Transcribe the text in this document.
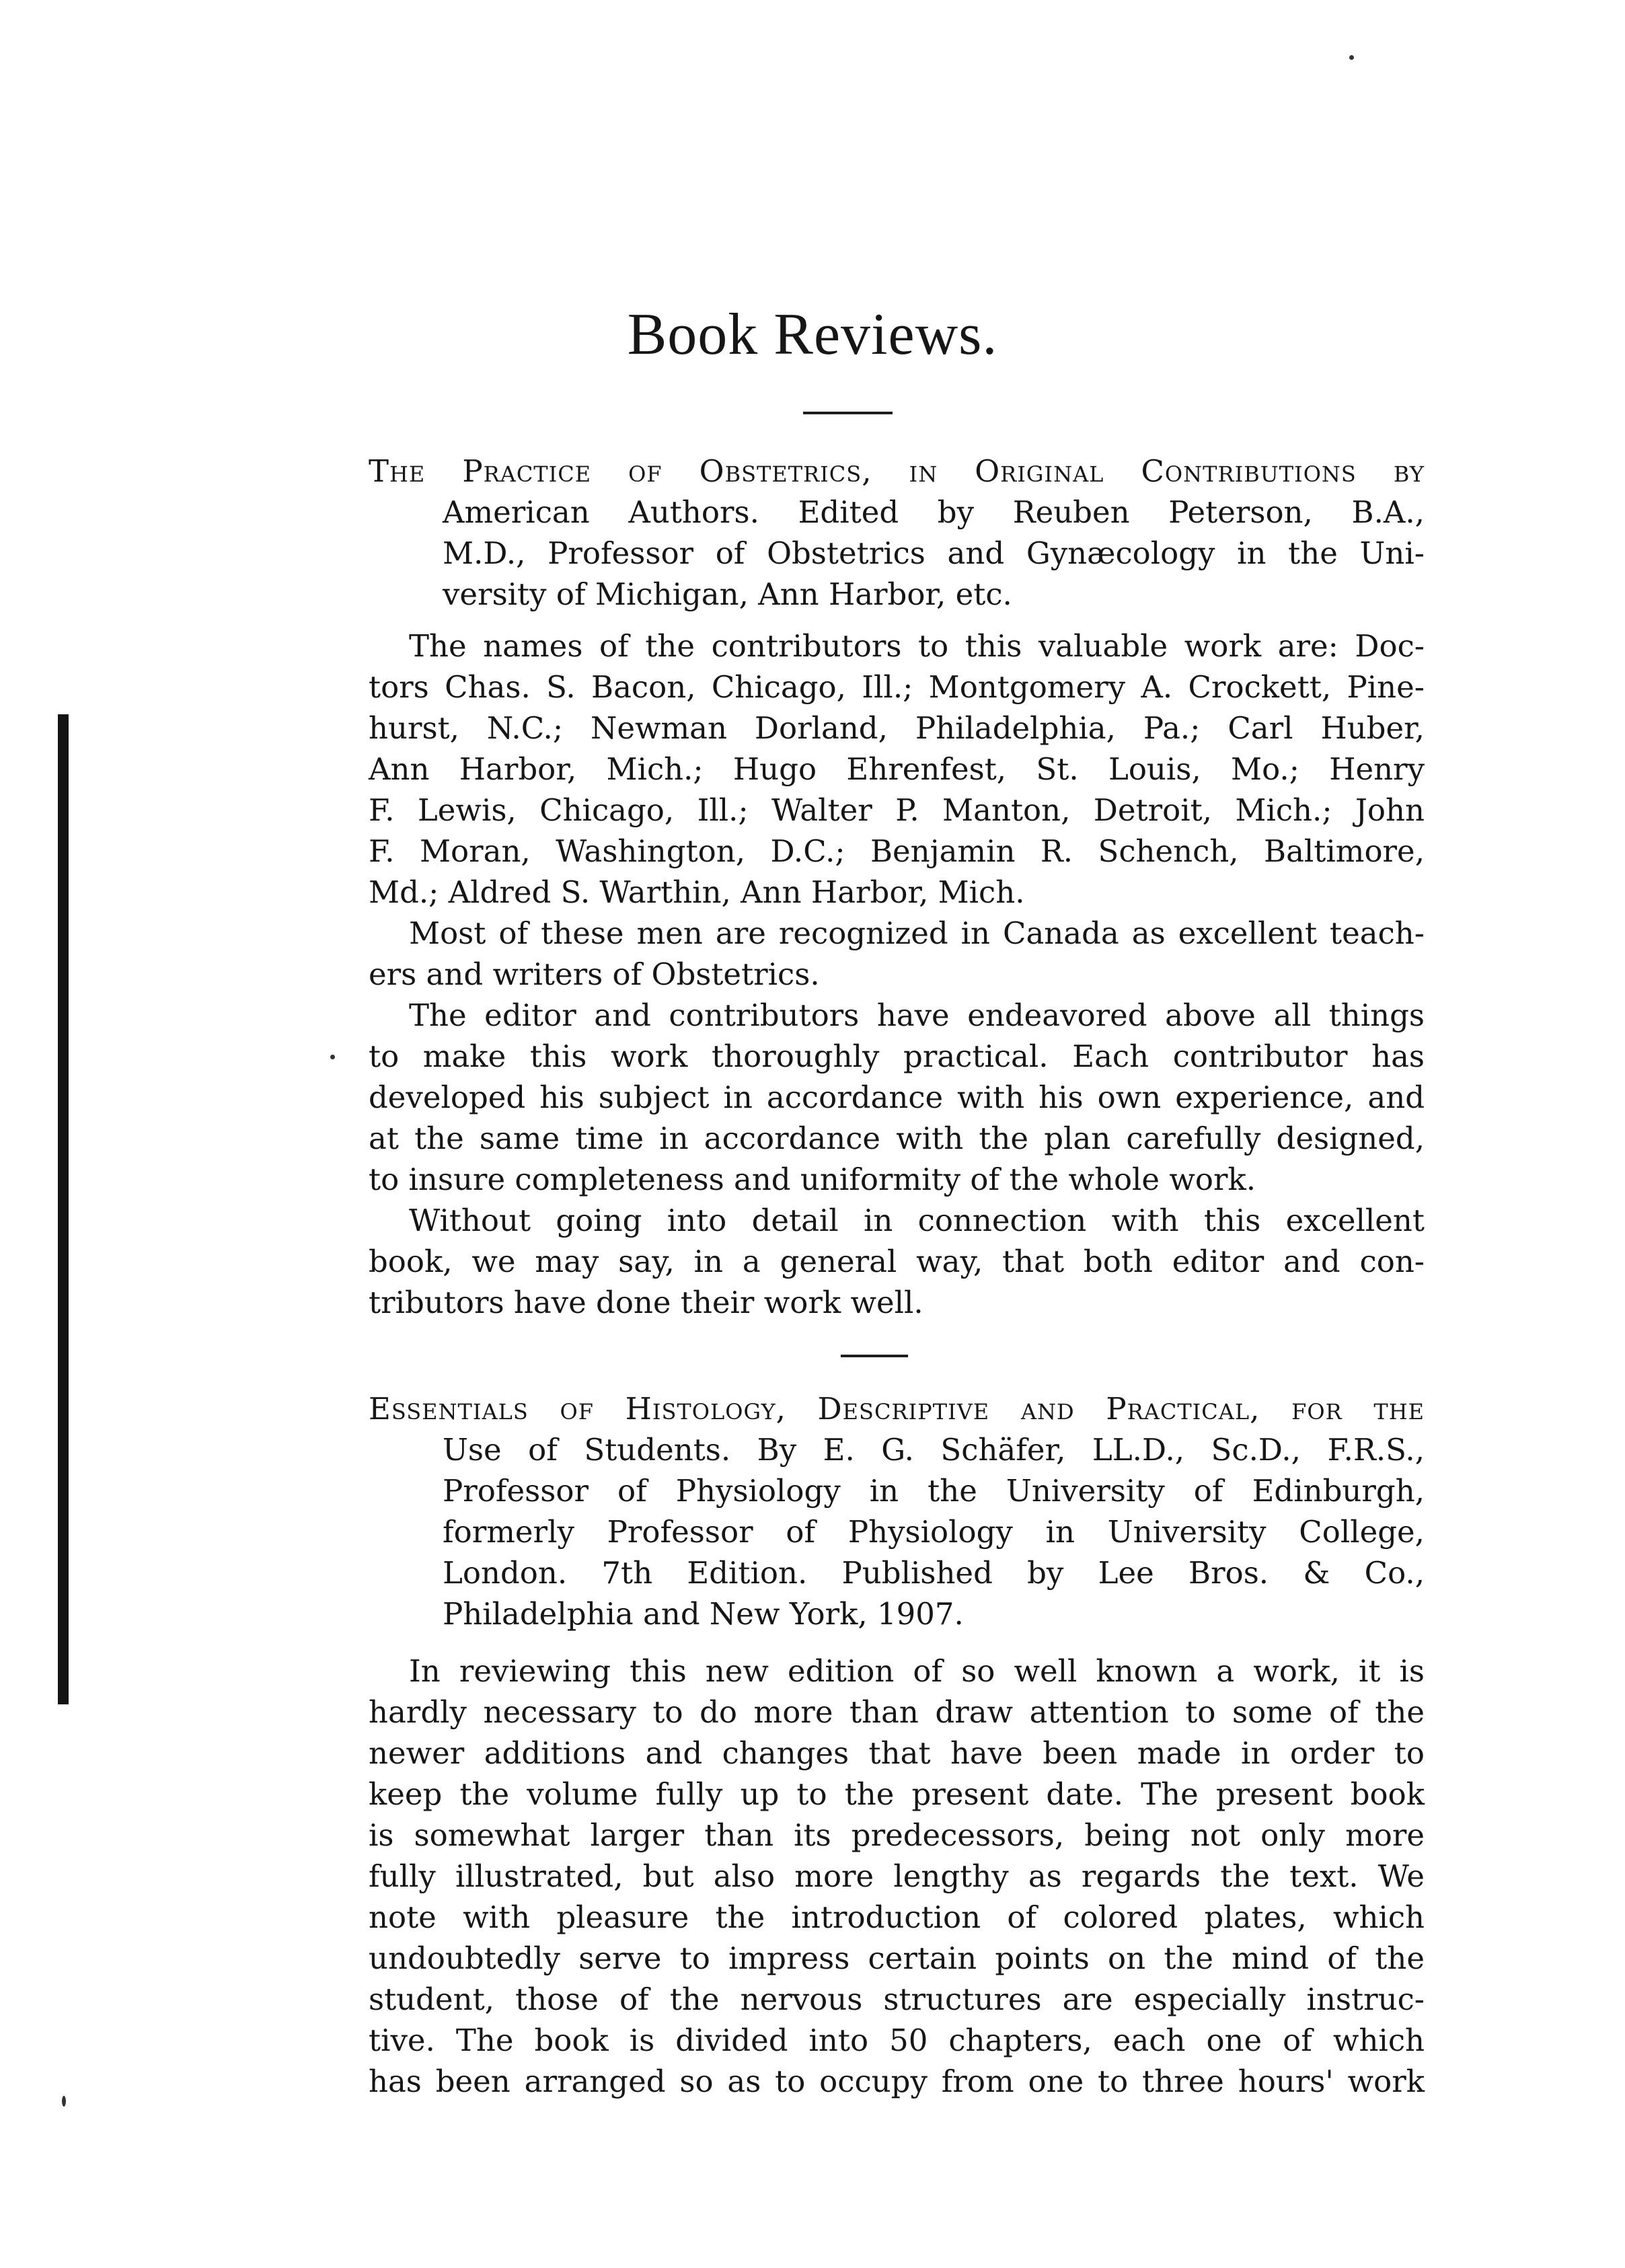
Book Reviews.
The Practice of Obstetrics, in Original Contributions by
American Authors. Edited by Reuben Peterson, B.A.,
M.D., Professor of Obstetrics and Gynæcology in the Uni-
versity of Michigan, Ann Harbor, etc.
The names of the contributors to this valuable work are: Doc-
tors Chas. S. Bacon, Chicago, Ill.; Montgomery A. Crockett, Pine-
hurst, N.C.; Newman Dorland, Philadelphia, Pa.; Carl Huber,
Ann Harbor, Mich.; Hugo Ehrenfest, St. Louis, Mo.; Henry
F. Lewis, Chicago, Ill.; Walter P. Manton, Detroit, Mich.; John
F. Moran, Washington, D.C.; Benjamin R. Schench, Baltimore,
Md.; Aldred S. Warthin, Ann Harbor, Mich.
Most of these men are recognized in Canada as excellent teach-
ers and writers of Obstetrics.
The editor and contributors have endeavored above all things
to make this work thoroughly practical. Each contributor has
developed his subject in accordance with his own experience, and
at the same time in accordance with the plan carefully designed,
to insure completeness and uniformity of the whole work.
Without going into detail in connection with this excellent
book, we may say, in a general way, that both editor and con-
tributors have done their work well.
Essentials of Histology, Descriptive and Practical, for the
Use of Students. By E. G. Schäfer, LL.D., Sc.D., F.R.S.,
Professor of Physiology in the University of Edinburgh,
formerly Professor of Physiology in University College,
London. 7th Edition. Published by Lee Bros. & Co.,
Philadelphia and New York, 1907.
In reviewing this new edition of so well known a work, it is
hardly necessary to do more than draw attention to some of the
newer additions and changes that have been made in order to
keep the volume fully up to the present date. The present book
is somewhat larger than its predecessors, being not only more
fully illustrated, but also more lengthy as regards the text. We
note with pleasure the introduction of colored plates, which
undoubtedly serve to impress certain points on the mind of the
student, those of the nervous structures are especially instruc-
tive. The book is divided into 50 chapters, each one of which
has been arranged so as to occupy from one to three hours' work
